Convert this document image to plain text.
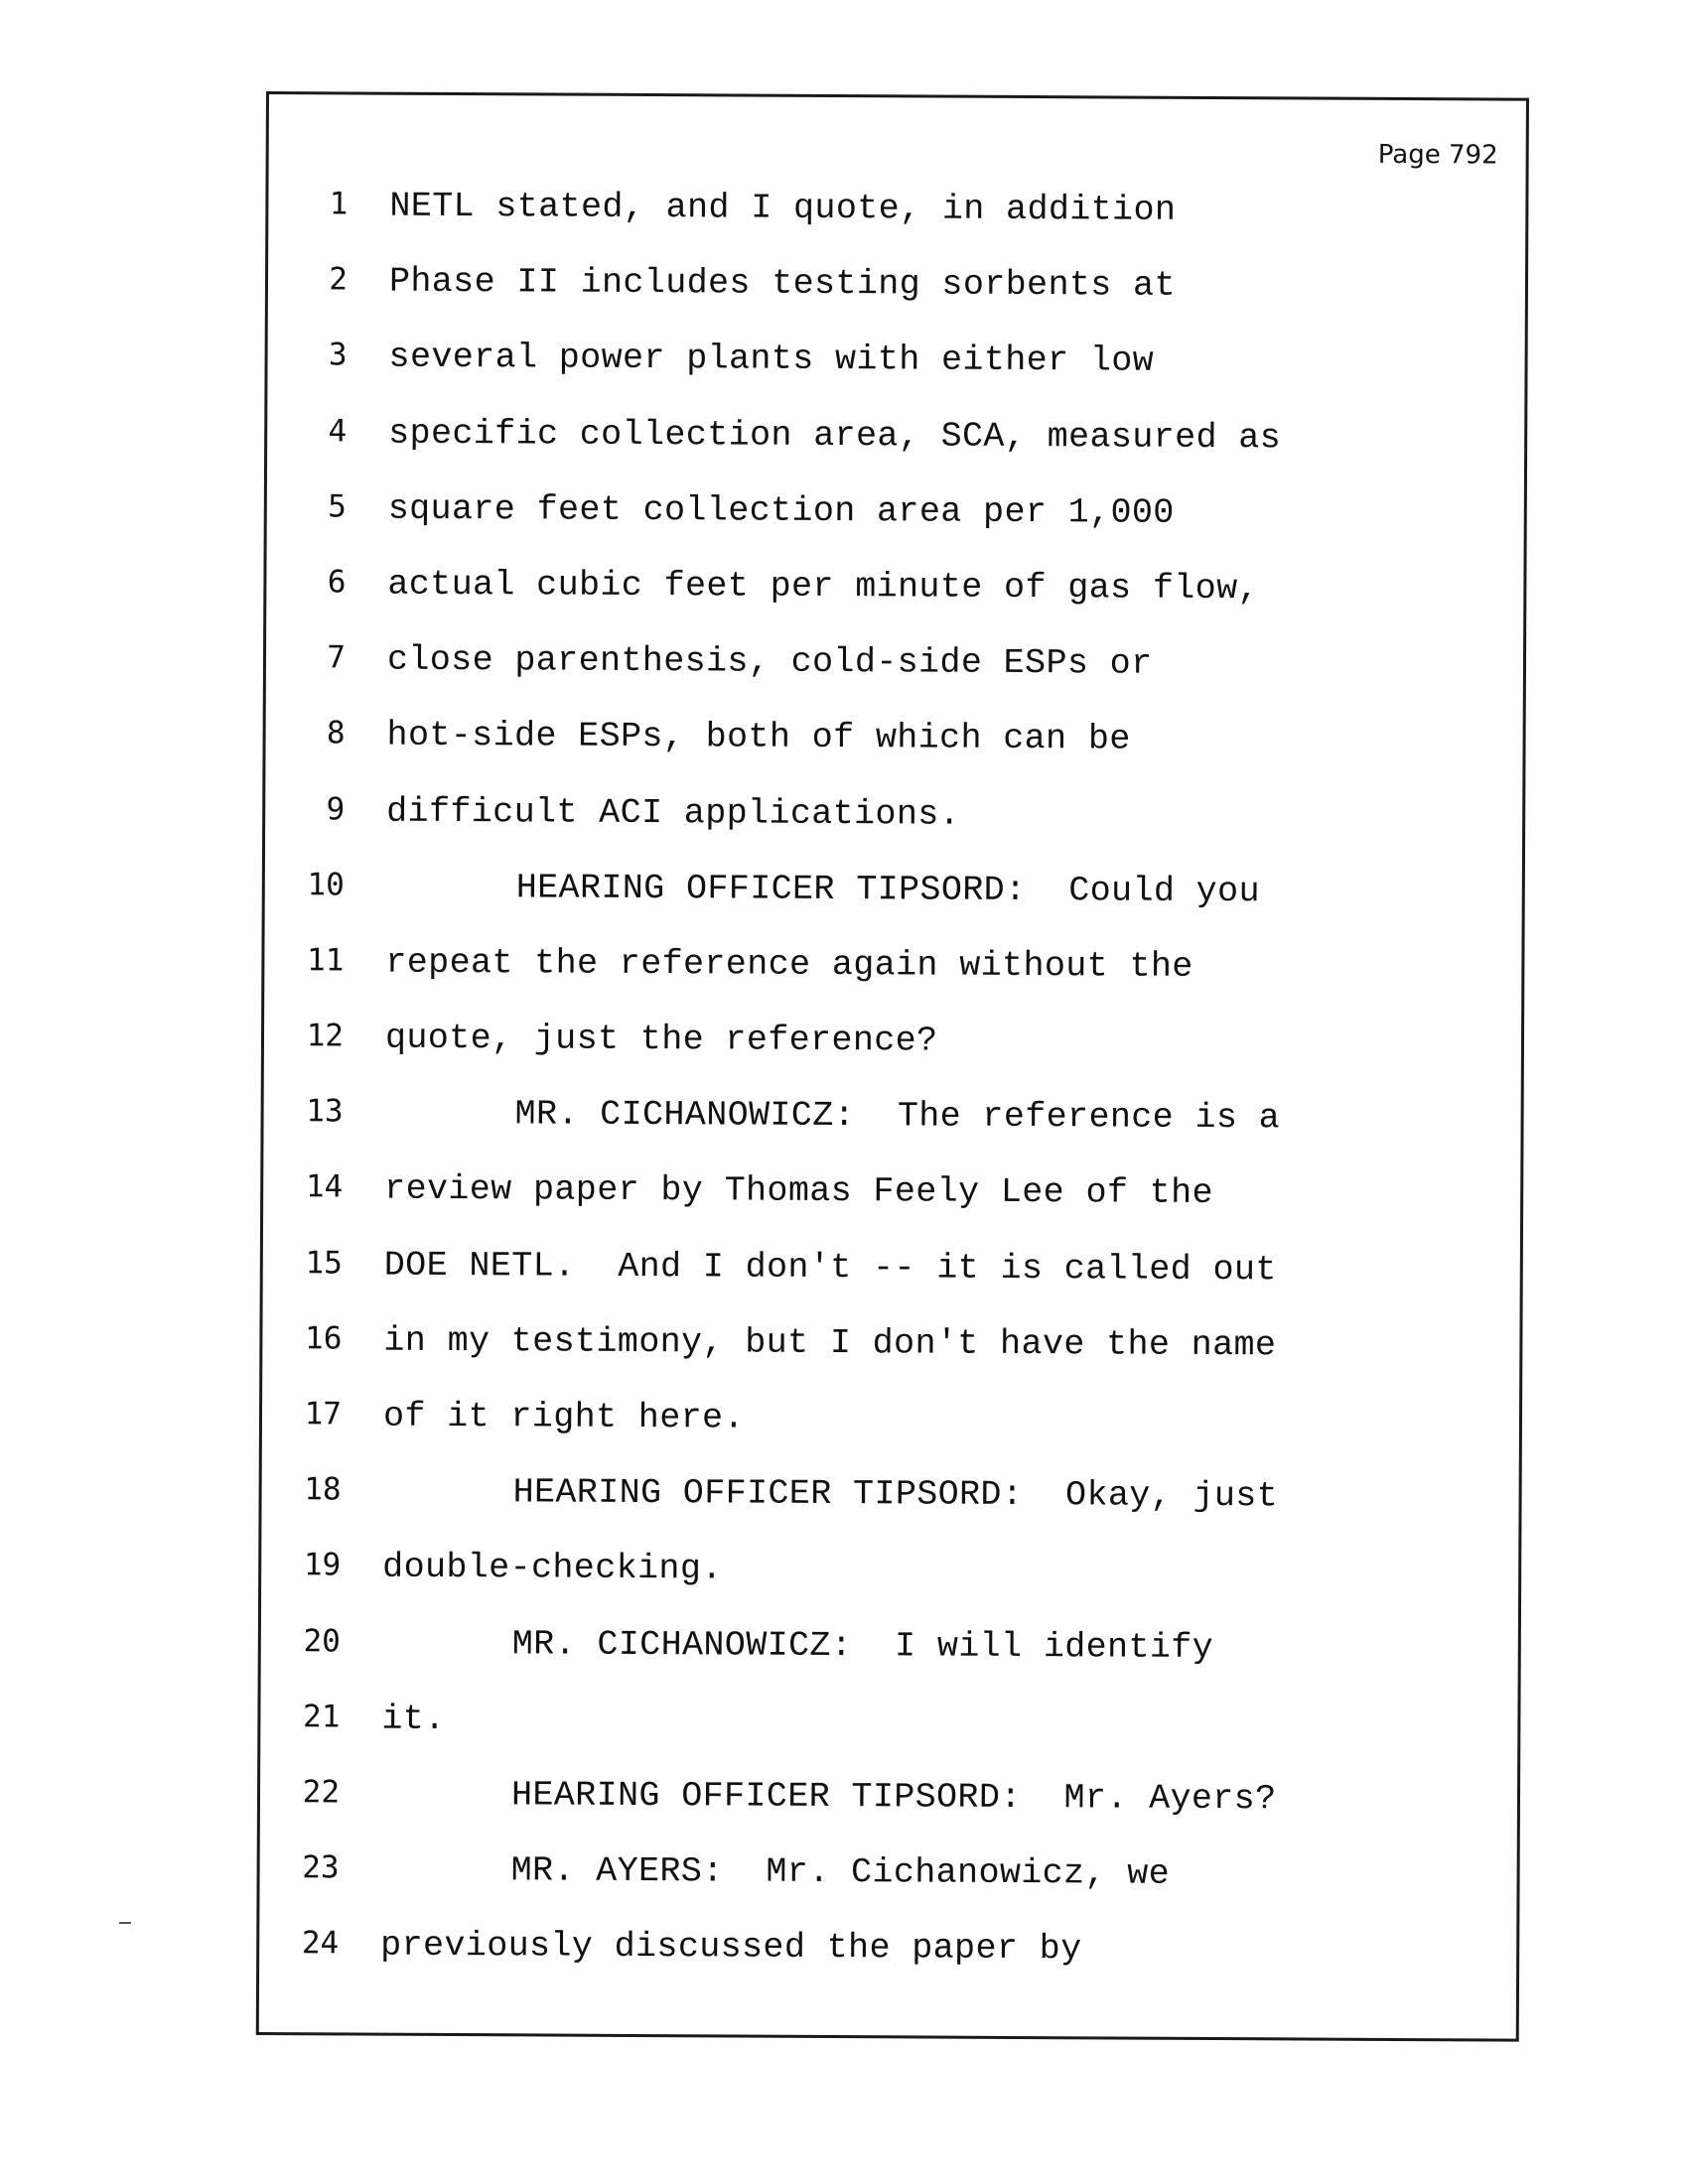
Page 792
1 NETL stated, and I quote, in addition
2 Phase II includes testing sorbents at
3 several power plants with either low
4 specific collection area, SCA, measured as
5 square feet collection area per 1,000
6 actual cubic feet per minute of gas flow,
7 close parenthesis, cold-side ESPs or
8 hot-side ESPs, both of which can be
9 difficult ACI applications.
10	HEARING OFFICER TIPSORD:  Could you
11 repeat the reference again without the
12 quote, just the reference?
13	MR. CICHANOWICZ:  The reference is a
14 review paper by Thomas Feely Lee of the
15 DOE NETL.  And I don't -- it is called out
16 in my testimony, but I don't have the name
17 of it right here.
18	HEARING OFFICER TIPSORD:  Okay, just
19 double-checking.
20	MR. CICHANOWICZ:  I will identify
21 it.
22	HEARING OFFICER TIPSORD:  Mr. Ayers?
23	MR. AYERS:  Mr. Cichanowicz, we
24 previously discussed the paper by
